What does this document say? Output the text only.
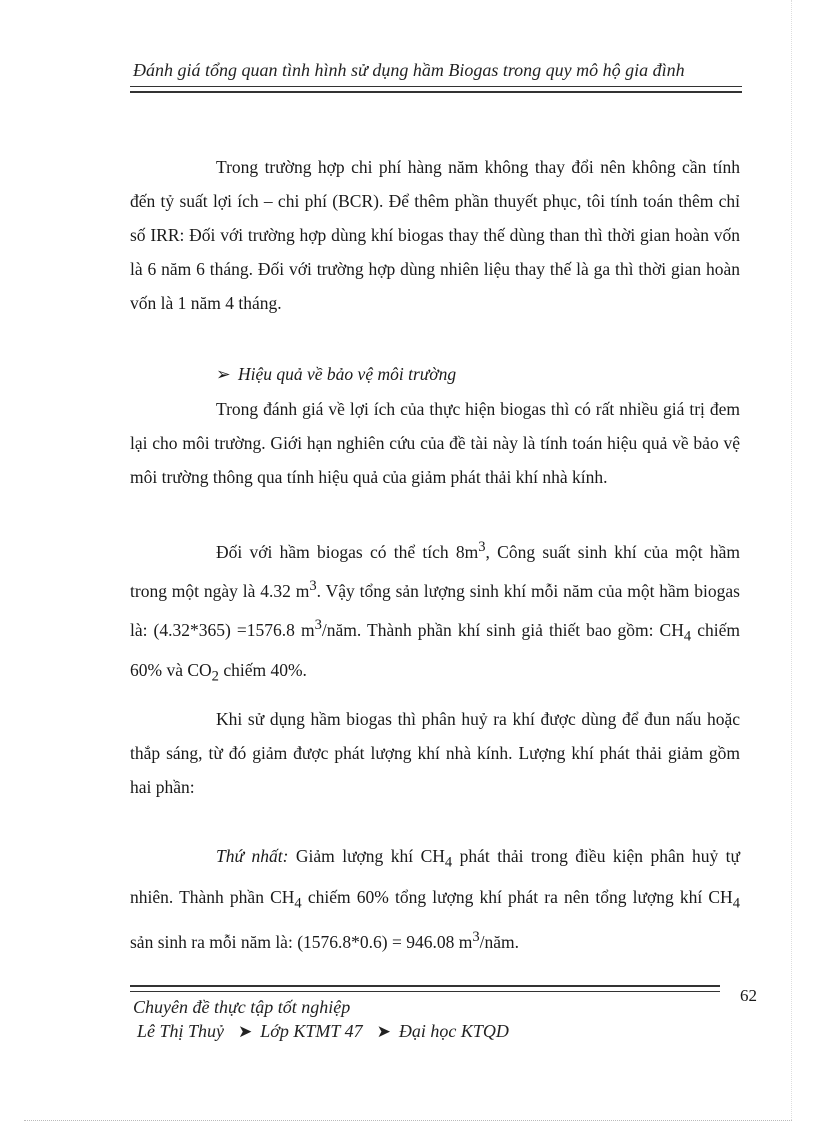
Đánh giá tổng quan tình hình sử dụng hầm Biogas trong quy mô hộ gia đình

Trong trường hợp chi phí hàng năm không thay đổi nên không cần tính đến tỷ suất lợi ích – chi phí (BCR). Để thêm phần thuyết phục, tôi tính toán thêm chỉ số IRR: Đối với trường hợp dùng khí biogas thay thế dùng than thì thời gian hoàn vốn là 6 năm 6 tháng. Đối với trường hợp dùng nhiên liệu thay thế là ga thì thời gian hoàn vốn là 1 năm 4 tháng.

➢ Hiệu quả về bảo vệ môi trường

Trong đánh giá về lợi ích của thực hiện biogas thì có rất nhiều giá trị đem lại cho môi trường. Giới hạn nghiên cứu của đề tài này là tính toán hiệu quả về bảo vệ môi trường thông qua tính hiệu quả của giảm phát thải khí nhà kính.

Đối với hầm biogas có thể tích $8m^3$, Công suất sinh khí của một hầm trong một ngày là 4.32 $m^3$. Vậy tổng sản lượng sinh khí mỗi năm của một hầm biogas là: (4.32*365) =1576.8 $m^3$/năm. Thành phần khí sinh giả thiết bao gồm: $CH_4$ chiếm 60% và $CO_2$ chiếm 40%.

Khi sử dụng hầm biogas thì phân huỷ ra khí được dùng để đun nấu hoặc thắp sáng, từ đó giảm được phát lượng khí nhà kính. Lượng khí phát thải giảm gồm hai phần:

Thứ nhất: Giảm lượng khí $CH_4$ phát thải trong điều kiện phân huỷ tự nhiên. Thành phần $CH_4$ chiếm 60% tổng lượng khí phát ra nên tổng lượng khí $CH_4$ sản sinh ra mỗi năm là: (1576.8*0.6) = 946.08 $m^3$/năm.

62
Chuyên đề thực tập tốt nghiệp
Lê Thị Thuỷ ➤ Lớp KTMT 47 ➤ Đại học KTQD
